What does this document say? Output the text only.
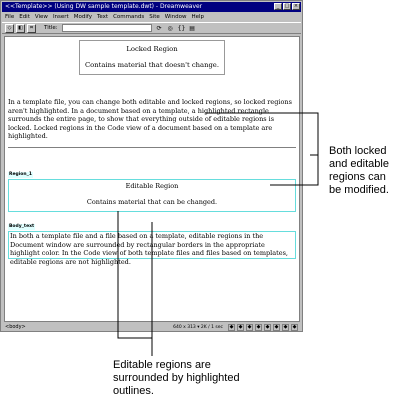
<<Template>> (Using DW sample template.dwt) - Dreamweaver	_	□ ×
File Edit View Insert Modify Text Commands Site Window Help
◇	◧	⌗	Title:	⟳ ◎ {} ▤
Locked Region
Contains material that doesn't change.
In a template file, you can change both editable and locked regions, so locked regions aren't highlighted. In a document based on a template, a highlighted rectangle surrounds the entire page, to show that everything outside of editable regions is locked. Locked regions in the Code view of a document based on a template are highlighted.
Region_1
Editable Region
Contains material that can be changed.
Body_text
In both a template file and a file based on a template, editable regions in the Document window are surrounded by rectangular borders in the appropriate highlight color. In the Code view of both template files and files based on templates, editable regions are not highlighted.
<body>	640 x 313 ▾ 2K / 1 sec	◆	◆	◆	◆	◆	◆	◆	◆
Both locked and editable regions can be modified.
Editable regions are surrounded by highlighted outlines.
